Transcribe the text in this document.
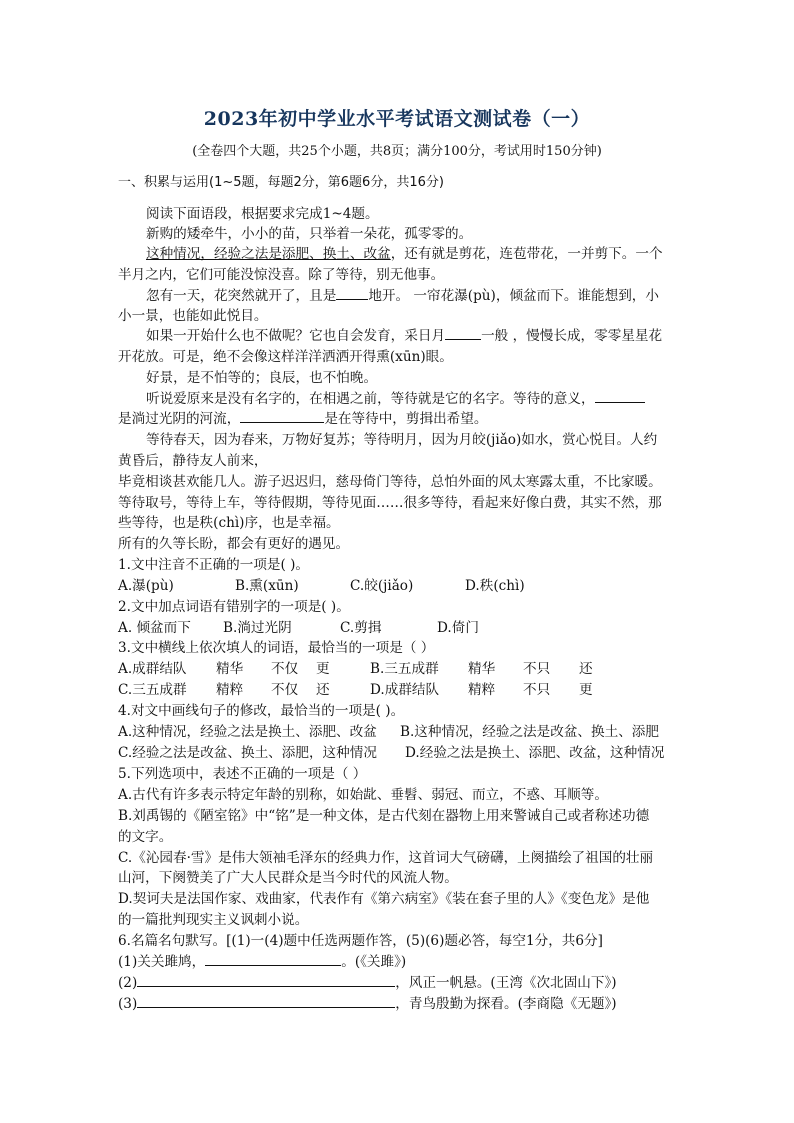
2023年初中学业水平考试语文测试卷（一）
(全卷四个大题，共25个小题，共8页；满分100分，考试用时150分钟)
一、积累与运用(1~5题，每题2分，第6题6分，共16分)
阅读下面语段，根据要求完成1~4题。
新购的矮牵牛，小小的苗，只举着一朵花，孤零零的。
这种情况，经验之法是添肥、换土、改盆，还有就是剪花，连苞带花，一并剪下。一个
半月之内，它们可能没惊没喜。除了等待，别无他事。
忽有一天，花突然就开了，且是 地开。 一帘花瀑(pù)，倾盆而下。谁能想到，小
小一景，也能如此悦目。
如果一开始什么也不做呢？它也自会发育，采日月	一般 ，慢慢长成，零零星星花
开花放。可是，绝不会像这样洋洋洒洒开得熏(xūn)眼。
好景，是不怕等的；良辰，也不怕晚。
听说爱原来是没有名字的，在相遇之前，等待就是它的名字。等待的意义，
是淌过光阴的河流，	是在等待中，剪揖出希望。
等待春天，因为春来，万物好复苏；等待明月，因为月皎(jiǎo)如水，赏心悦目。人约
黄昏后，静待友人前来，
毕竟相谈甚欢能几人。游子迟迟归，慈母倚门等待，总怕外面的风太寒露太重，不比家暖。
等待取号，等待上车，等待假期，等待见面……很多等待，看起来好像白费，其实不然，那
些等待，也是秩(chì)序，也是幸福。
所有的久等长盼，都会有更好的遇见。
1.文中注音不正确的一项是( )。
A.瀑(pù)	B.熏(xūn)	C.皎(jiǎo)	D.秩(chì)
2.文中加点词语有错别字的一项是( )。
A. 倾盆而下 B.淌过光阴	C.剪揖	D.倚门
3.文中横线上依次填人的词语，最恰当的一项是（ ）
A.成群结队 精华 不仅 更	B.三五成群 精华 不只 还
C.三五成群 精粹 不仅 还	D.成群结队 精粹 不只 更
4.对文中画线句子的修改，最恰当的一项是( )。
A.这种情况，经验之法是换土、添肥、改盆 B.这种情况，经验之法是改盆、换土、添肥
C.经验之法是改盆、换土、添肥，这种情况 D.经验之法是换土、添肥、改盆，这种情况
5.下列选项中，表述不正确的一项是（ ）
A.古代有许多表示特定年龄的别称，如始龀、垂髫、弱冠、而立，不惑、耳顺等。
B.刘禹锡的《陋室铭》中“铭”是一种文体，是古代刻在器物上用来警诫自己或者称述功德
的文字。
C.《沁园春·雪》是伟大领袖毛泽东的经典力作，这首词大气磅礴，上阕描绘了祖国的壮丽
山河，下阕赞美了广大人民群众是当今时代的风流人物。
D.契诃夫是法国作家、戏曲家，代表作有《第六病室》《装在套子里的人》《变色龙》是他
的一篇批判现实主义讽刺小说。
6.名篇名句默写。[(1)一(4)题中任选两题作答，(5)(6)题必答，每空1分，共6分]
(1)关关雎鸠，	。(《关雎》)
(2)	，风正一帆悬。(王湾《次北固山下》)
(3)	，青鸟殷勤为探看。(李商隐《无题》)
